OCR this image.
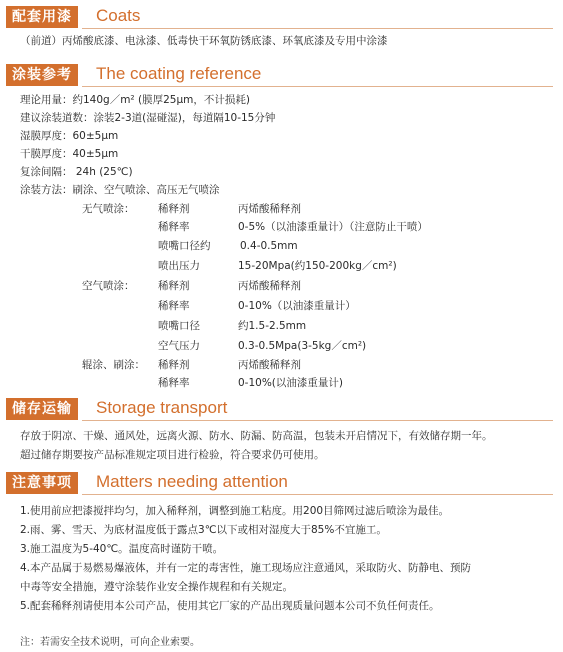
配套用漆	Coats
（前道）丙烯酸底漆、电泳漆、低毒快干环氧防锈底漆、环氧底漆及专用中涂漆
涂装参考	The coating reference
理论用量：约140g／m² (膜厚25μm，不计损耗)
建议涂装道数：涂装2-3道(湿碰湿)，每道隔10-15分钟
湿膜厚度：60±5μm
干膜厚度：40±5μm
复涂间隔： 24h (25℃)
涂装方法：刷涂、空气喷涂、高压无气喷涂
无气喷涂： 稀释剂	丙烯酸稀释剂
稀释率	0-5%（以油漆重量计）（注意防止干喷）
喷嘴口径约	0.4-0.5mm
喷出压力	15-20Mpa(约150-200kg／cm²)
空气喷涂： 稀释剂	丙烯酸稀释剂
稀释率	0-10%（以油漆重量计）
喷嘴口径	约1.5-2.5mm
空气压力	0.3-0.5Mpa(3-5kg／cm²)
辊涂、刷涂： 稀释剂	丙烯酸稀释剂
稀释率	0-10%(以油漆重量计)
储存运输	Storage transport
存放于阴凉、干燥、通风处，远离火源、防水、防漏、防高温，包装未开启情况下，有效储存期一年。
超过储存期要按产品标准规定项目进行检验，符合要求仍可使用。
注意事项	Matters needing attention
1.使用前应把漆搅拌均匀，加入稀释剂，调整到施工粘度。用200目筛网过滤后喷涂为最佳。
2.雨、雾、雪天、为底材温度低于露点3℃以下或相对湿度大于85%不宜施工。
3.施工温度为5-40℃。温度高时谨防干喷。
4.本产品属于易燃易爆液体，并有一定的毒害性，施工现场应注意通风，采取防火、防静电、预防
中毒等安全措施，遵守涂装作业安全操作规程和有关规定。
5.配套稀释剂请使用本公司产品，使用其它厂家的产品出现质量问题本公司不负任何责任。
注：若需安全技术说明，可向企业索要。
